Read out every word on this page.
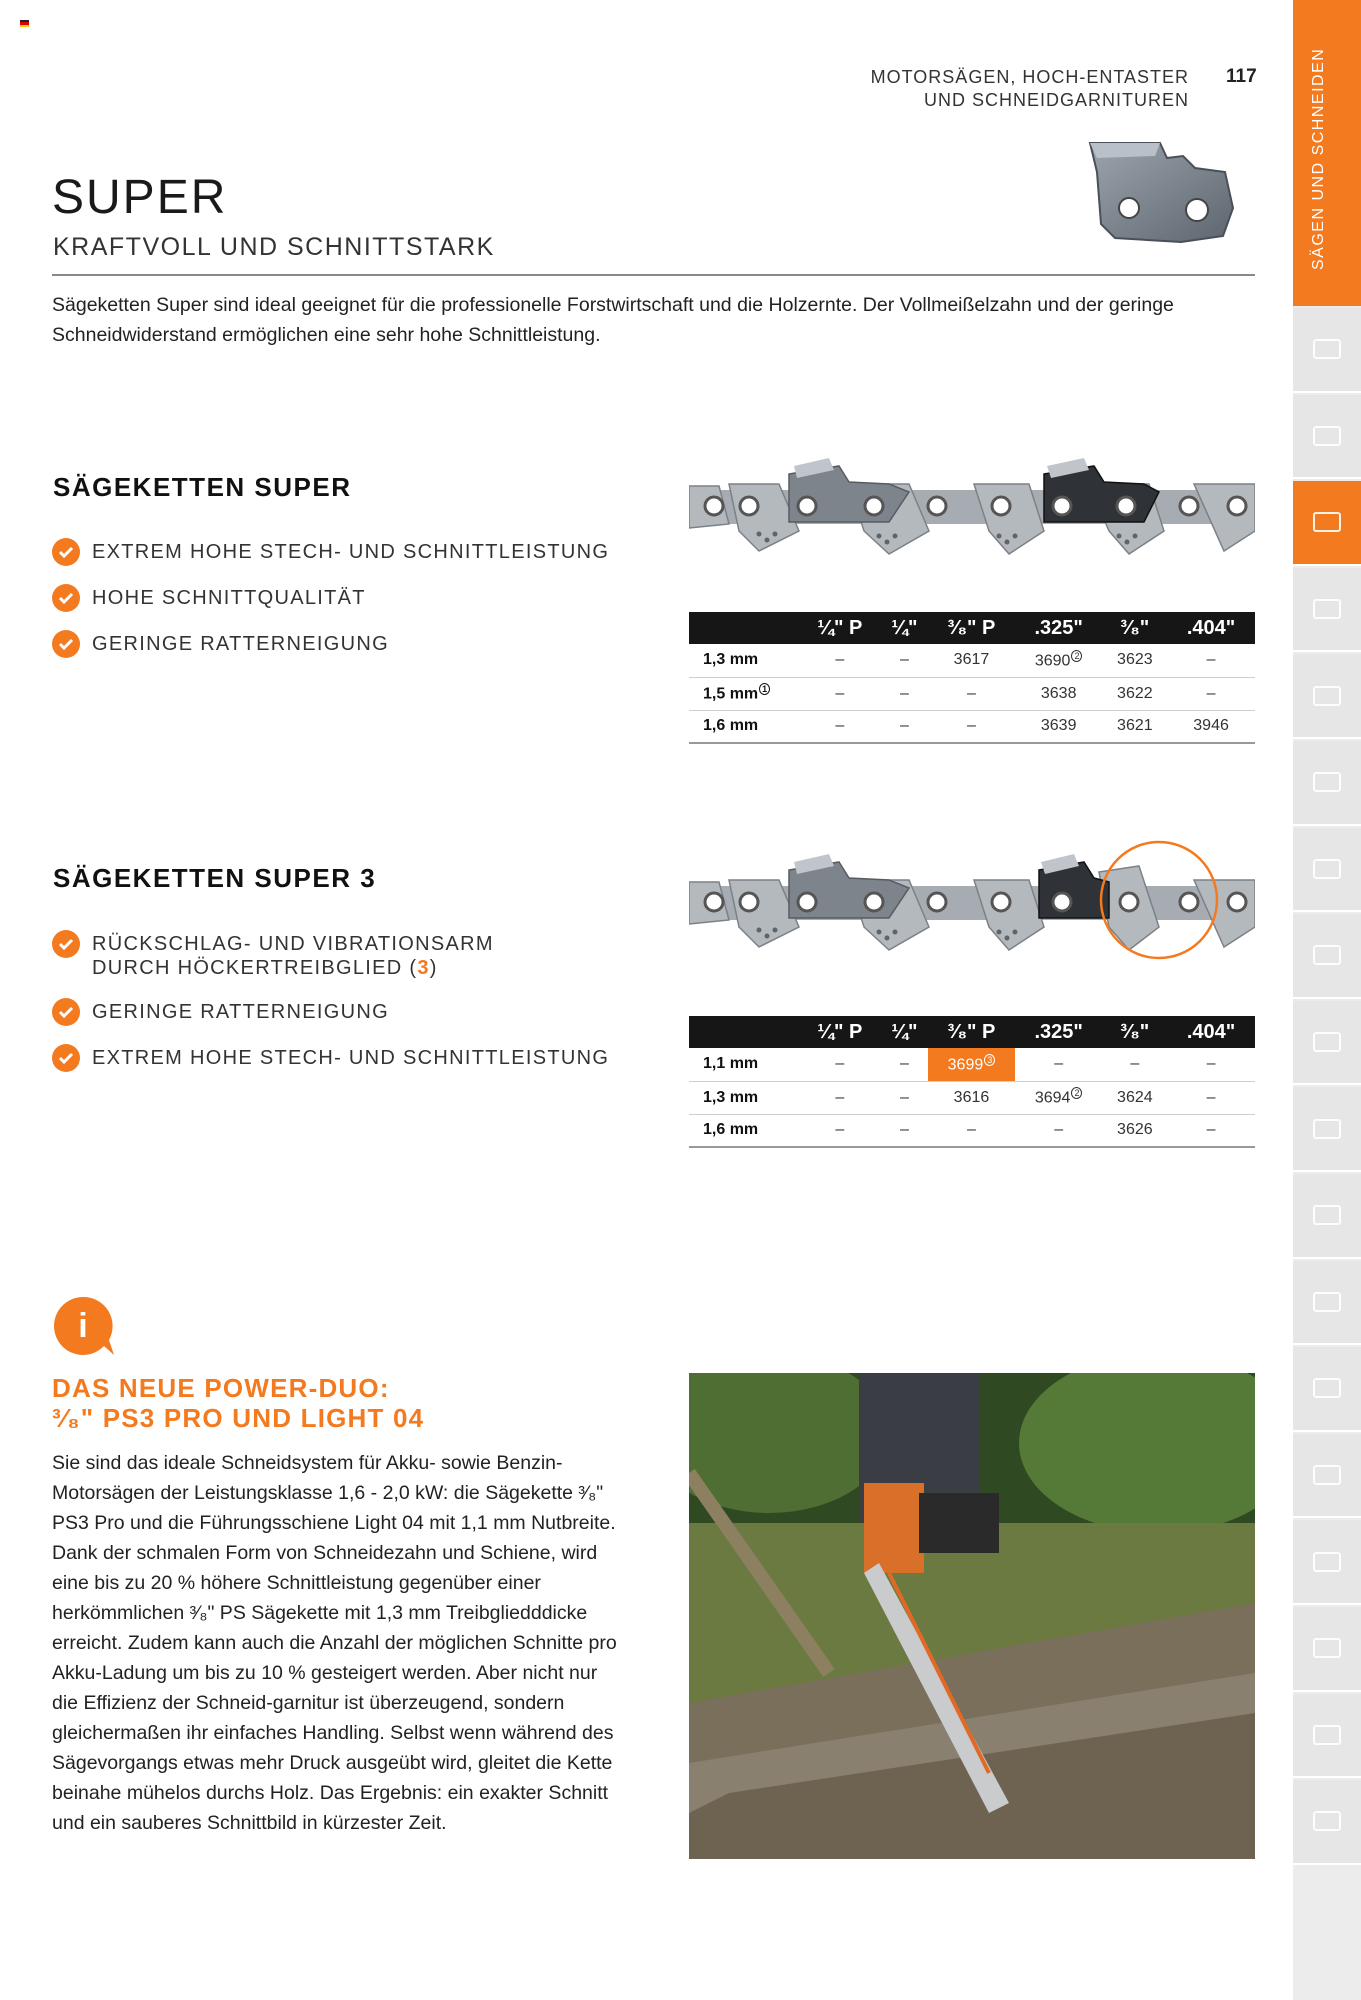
MOTORSÄGEN, HOCH-ENTASTER
UND SCHNEIDGARNITUREN
117
SUPER
KRAFTVOLL UND SCHNITTSTARK

Sägeketten Super sind ideal geeignet für die professionelle Forstwirtschaft und die Holzernte. Der Vollmeißelzahn und der geringe Schneidwiderstand ermöglichen eine sehr hohe Schnittleistung.

SÄGEKETTEN SUPER
EXTREM HOHE STECH- UND SCHNITTLEISTUNG
HOHE SCHNITTQUALITÄT
GERINGE RATTERNEIGUNG
	¼" P	¼"	³⁄₈" P	.325"	³⁄₈"	.404"
1,3 mm	–	–	3617	3690 $^2$	3623	–
1,5 mm $^1$	–	–	–	3638	3622	–
1,6 mm	–	–	–	3639	3621	3946
SÄGEKETTEN SUPER 3
RÜCKSCHLAG- UND VIBRATIONSARM
DURCH HÖCKERTREIBGLIED (3)
GERINGE RATTERNEIGUNG
EXTREM HOHE STECH- UND SCHNITTLEISTUNG
	¼" P	¼"	³⁄₈" P	.325"	³⁄₈"	.404"
1,1 mm	–	–	3699 $^3$	–	–	–
1,3 mm	–	–	3616	3694 $^2$	3624	–
1,6 mm	–	–	–	–	3626	–
i
DAS NEUE POWER-DUO:
³⁄₈" PS3 PRO UND LIGHT 04

Sie sind das ideale Schneidsystem für Akku- sowie Benzin-Motorsägen der Leistungsklasse 1,6 - 2,0 kW: die Sägekette ³⁄₈" PS3 Pro und die Führungsschiene Light 04 mit 1,1 mm Nutbreite. Dank der schmalen Form von Schneidezahn und Schiene, wird eine bis zu 20 % höhere Schnittleistung gegenüber einer herkömmlichen ³⁄₈" PS Sägekette mit 1,3 mm Treibgliedddicke erreicht. Zudem kann auch die Anzahl der möglichen Schnitte pro Akku-Ladung um bis zu 10 % gesteigert werden. Aber nicht nur die Effizienz der Schneid-garnitur ist überzeugend, sondern gleichermaßen ihr einfaches Handling. Selbst wenn während des Sägevorgangs etwas mehr Druck ausgeübt wird, gleitet die Kette beinahe mühelos durchs Holz. Das Ergebnis: ein exakter Schnitt und ein sauberes Schnittbild in kürzester Zeit.

SÄGEN UND SCHNEIDEN
